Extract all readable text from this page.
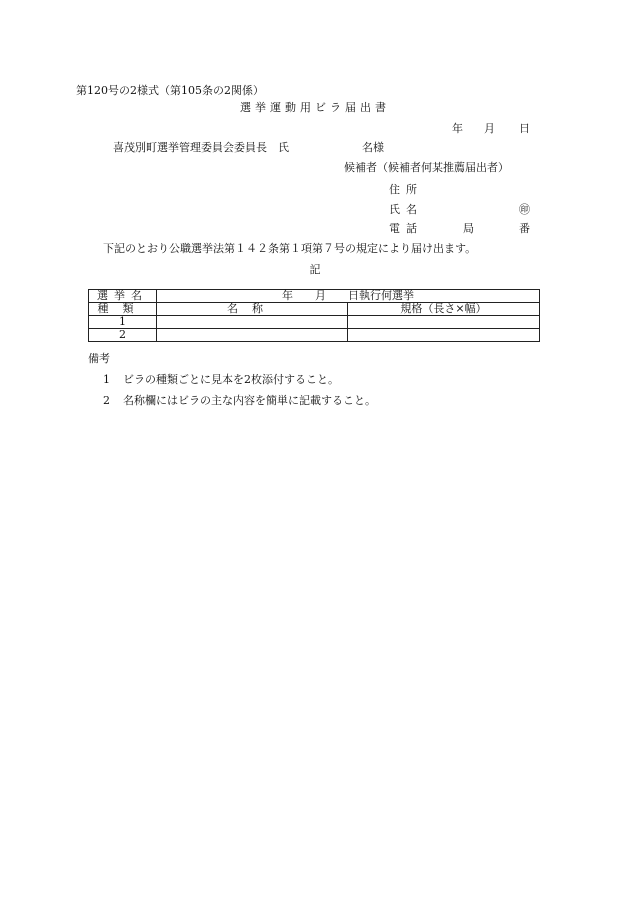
第120号の2様式（第105条の2関係）
選挙運動用ビラ届出書
年 月 日
喜茂別町選挙管理委員会委員長　氏	名様
候補者（候補者何某推薦届出者）
住所
氏名	㊞
電話	局	番
下記のとおり公職選挙法第１４２条第１項第７号の規定により届け出ます。
記
選挙名	年　　月　　日執行何選挙	
種類	名称	規格（長さ×幅）
1		
2		
備考
1 ビラの種類ごとに見本を2枚添付すること。
2 名称欄にはビラの主な内容を簡単に記載すること。
